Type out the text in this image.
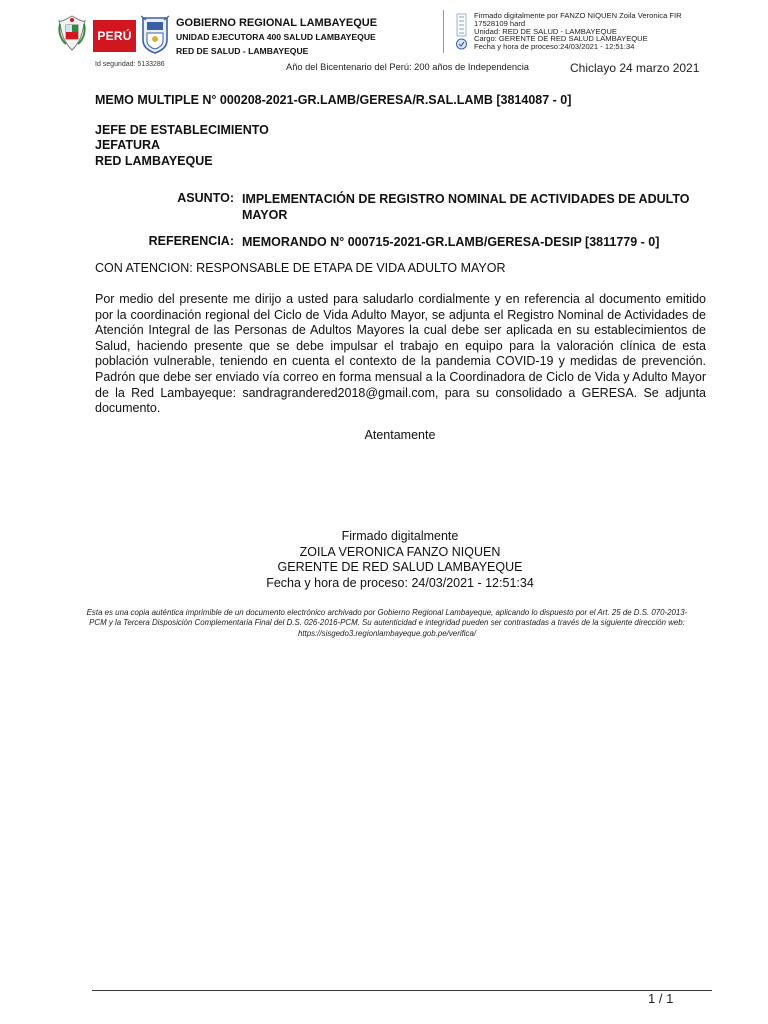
PERÚ
GOBIERNO REGIONAL LAMBAYEQUE
UNIDAD EJECUTORA 400 SALUD LAMBAYEQUE
RED DE SALUD - LAMBAYEQUE
Firmado digitalmente por FANZO NIQUEN Zoila Veronica FIR 17528109 hard
Unidad: RED DE SALUD - LAMBAYEQUE
Cargo: GERENTE DE RED SALUD LAMBAYEQUE
Fecha y hora de proceso:24/03/2021 - 12:51:34
Id seguridad: 5133286	Año del Bicentenario del Perú: 200 años de Independencia	Chiclayo 24 marzo 2021
MEMO MULTIPLE N° 000208-2021-GR.LAMB/GERESA/R.SAL.LAMB [3814087 - 0]
JEFE DE ESTABLECIMIENTO
JEFATURA
RED LAMBAYEQUE
ASUNTO: IMPLEMENTACIÓN DE REGISTRO NOMINAL DE ACTIVIDADES DE ADULTO MAYOR
REFERENCIA: MEMORANDO N° 000715-2021-GR.LAMB/GERESA-DESIP [3811779 - 0]
CON ATENCION: RESPONSABLE DE ETAPA DE VIDA ADULTO MAYOR
Por medio del presente me dirijo a usted para saludarlo cordialmente y en referencia al documento emitido por la coordinación regional del Ciclo de Vida Adulto Mayor, se adjunta el Registro Nominal de Actividades de Atención Integral de las Personas de Adultos Mayores la cual debe ser aplicada en su establecimientos de Salud, haciendo presente que se debe impulsar el trabajo en equipo para la valoración clínica de esta población vulnerable, teniendo en cuenta el contexto de la pandemia COVID-19 y medidas de prevención. Padrón que debe ser enviado vía correo en forma mensual a la Coordinadora de Ciclo de Vida y Adulto Mayor de la Red Lambayeque: sandragrandered2018@gmail.com, para su consolidado a GERESA. Se adjunta documento.
Atentamente
Firmado digitalmente
ZOILA VERONICA FANZO NIQUEN
GERENTE DE RED SALUD LAMBAYEQUE
Fecha y hora de proceso: 24/03/2021 - 12:51:34
Esta es una copia auténtica imprimible de un documento electrónico archivado por Gobierno Regional Lambayeque, aplicando lo dispuesto por el Art. 25 de D.S. 070-2013-PCM y la Tercera Disposición Complementaria Final del D.S. 026-2016-PCM. Su autenticidad e integridad pueden ser contrastadas a través de la siguiente dirección web: https://sisgedo3.regionlambayeque.gob.pe/verifica/
1 / 1
